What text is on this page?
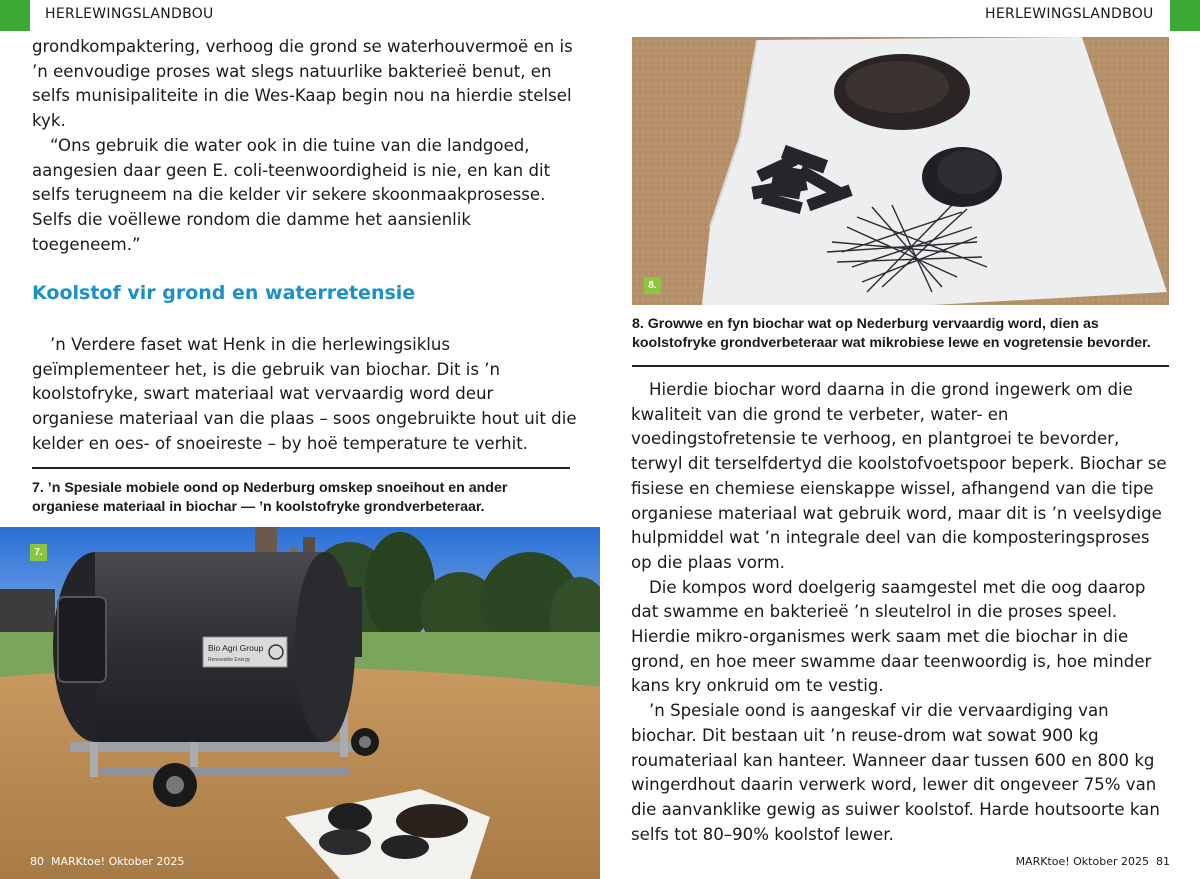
HERLEWINGSLANDBOU

grondkompaktering, verhoog die grond se waterhouvermoë en is ’n eenvoudige proses wat slegs natuurlike bakterieë benut, en selfs munisipaliteite in die Wes-Kaap begin nou na hierdie stelsel kyk.

“Ons gebruik die water ook in die tuine van die landgoed, aangesien daar geen E. coli-teenwoordigheid is nie, en kan dit selfs terugneem na die kelder vir sekere skoonmaakprosesse. Selfs die voëllewe rondom die damme het aansienlik toegeneem.”

Koolstof vir grond en waterretensie

’n Verdere faset wat Henk in die herlewingsiklus geïmplementeer het, is die gebruik van biochar. Dit is ’n koolstofryke, swart materiaal wat vervaardig word deur organiese materiaal van die plaas – soos ongebruikte hout uit die kelder en oes- of snoeireste – by hoë temperature te verhit.

7. ’n Spesiale mobiele oond op Nederburg omskep snoeihout en ander organiese materiaal in biochar — ’n koolstofryke grondverbeteraar.
Bio Agri Group
Renewable Energy
7.
80 MARKtoe! Oktober 2025
HERLEWINGSLANDBOU
8.
8. Growwe en fyn biochar wat op Nederburg vervaardig word, dien as koolstofryke grondverbeteraar wat mikrobiese lewe en vogretensie bevorder.

Hierdie biochar word daarna in die grond ingewerk om die kwaliteit van die grond te verbeter, water- en voedingstofretensie te verhoog, en plantgroei te bevorder, terwyl dit terselfdertyd die koolstofvoetspoor beperk. Biochar se fisiese en chemiese eienskappe wissel, afhangend van die tipe organiese materiaal wat gebruik word, maar dit is ’n veelsydige hulpmiddel wat ’n integrale deel van die komposteringsproses op die plaas vorm.

Die kompos word doelgerig saamgestel met die oog daarop dat swamme en bakterieë ’n sleutelrol in die proses speel. Hierdie mikro-organismes werk saam met die biochar in die grond, en hoe meer swamme daar teenwoordig is, hoe minder kans kry onkruid om te vestig.

’n Spesiale oond is aangeskaf vir die vervaardiging van biochar. Dit bestaan uit ’n reuse-drom wat sowat 900 kg roumateriaal kan hanteer. Wanneer daar tussen 600 en 800 kg wingerdhout daarin verwerk word, lewer dit ongeveer 75% van die aanvanklike gewig as suiwer koolstof. Harde houtsoorte kan selfs tot 80–90% koolstof lewer.

MARKtoe! Oktober 2025 81
